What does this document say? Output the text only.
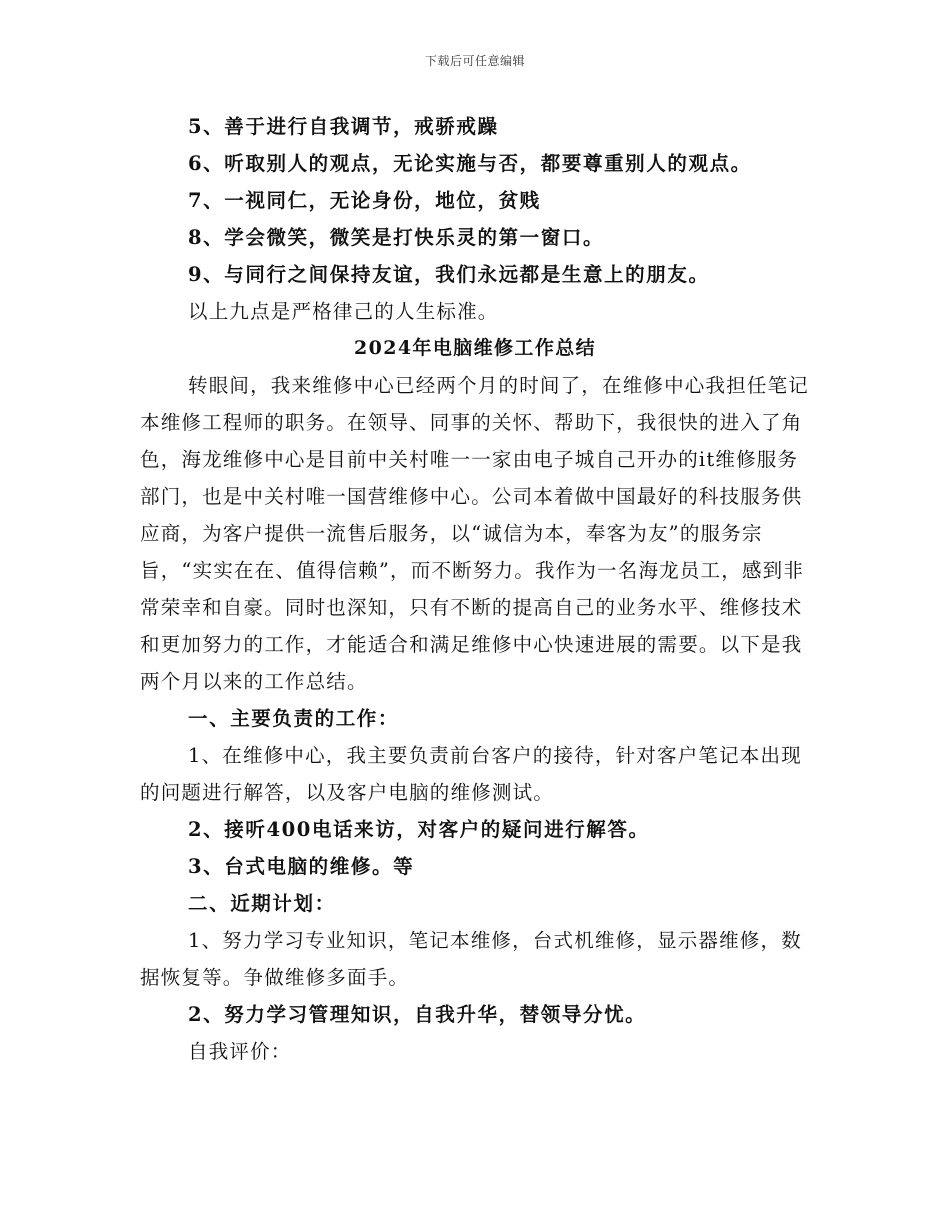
下载后可任意编辑

5、善于进行自我调节，戒骄戒躁

6、听取别人的观点，无论实施与否，都要尊重别人的观点。

7、一视同仁，无论身份，地位，贫贱

8、学会微笑，微笑是打快乐灵的第一窗口。

9、与同行之间保持友谊，我们永远都是生意上的朋友。

以上九点是严格律己的人生标准。

2024年电脑维修工作总结

转眼间，我来维修中心已经两个月的时间了，在维修中心我担任笔记本维修工程师的职务。在领导、同事的关怀、帮助下，我很快的进入了角色，海龙维修中心是目前中关村唯一一家由电子城自己开办的it维修服务部门，也是中关村唯一国营维修中心。公司本着做中国最好的科技服务供应商，为客户提供一流售后服务，以“诚信为本，奉客为友”的服务宗旨，“实实在在、值得信赖”，而不断努力。我作为一名海龙员工，感到非常荣幸和自豪。同时也深知，只有不断的提高自己的业务水平、维修技术和更加努力的工作，才能适合和满足维修中心快速进展的需要。以下是我两个月以来的工作总结。

一、主要负责的工作：

1、在维修中心，我主要负责前台客户的接待，针对客户笔记本出现的问题进行解答，以及客户电脑的维修测试。

2、接听400电话来访，对客户的疑问进行解答。

3、台式电脑的维修。等

二、近期计划：

1、努力学习专业知识，笔记本维修，台式机维修，显示器维修，数据恢复等。争做维修多面手。

2、努力学习管理知识，自我升华，替领导分忧。

自我评价：
